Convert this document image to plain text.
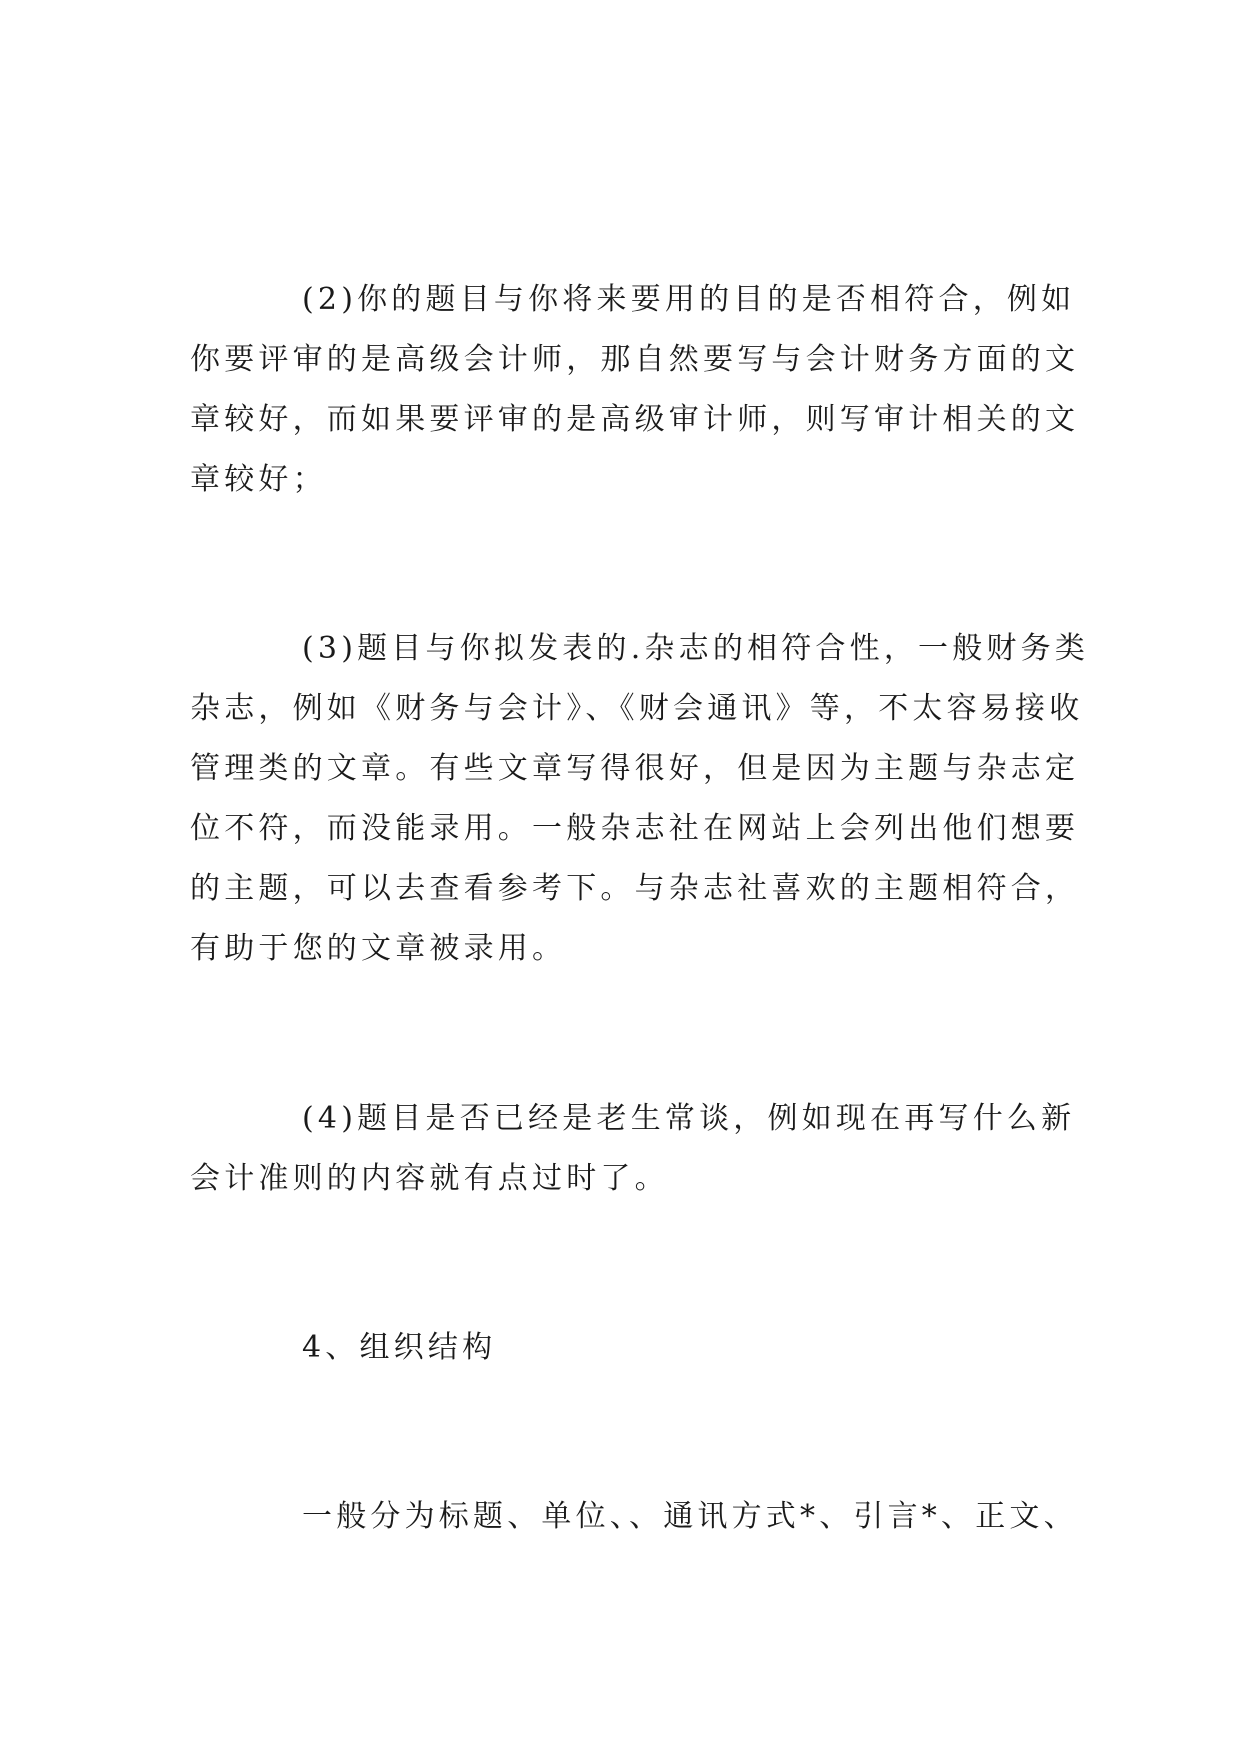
(2)你的题目与你将来要用的目的是否相符合，例如
你要评审的是高级会计师，那自然要写与会计财务方面的文
章较好，而如果要评审的是高级审计师，则写审计相关的文
章较好；
(3)题目与你拟发表的.杂志的相符合性，一般财务类
杂志，例如《财务与会计》、《财会通讯》等，不太容易接收
管理类的文章。有些文章写得很好，但是因为主题与杂志定
位不符，而没能录用。一般杂志社在网站上会列出他们想要
的主题，可以去查看参考下。与杂志社喜欢的主题相符合，
有助于您的文章被录用。
(4)题目是否已经是老生常谈，例如现在再写什么新
会计准则的内容就有点过时了。
4、组织结构
一般分为标题、单位、、通讯方式*、引言*、正文、
